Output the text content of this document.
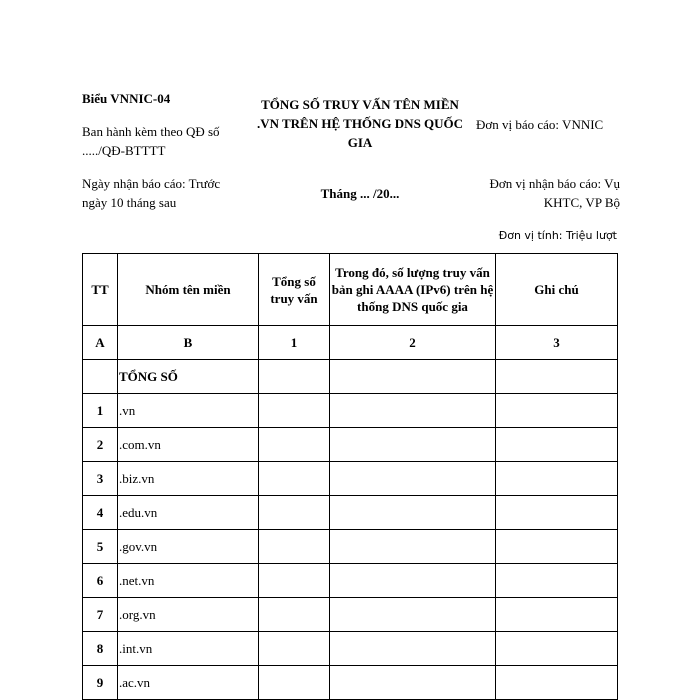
Biểu VNNIC-04
Ban hành kèm theo QĐ số ...../QĐ-BTTTT
Ngày nhận báo cáo: Trước ngày 10 tháng sau
TỔNG SỐ TRUY VẤN TÊN MIỀN .VN TRÊN HỆ THỐNG DNS QUỐC GIA
Tháng ... /20...
Đơn vị báo cáo: VNNIC
Đơn vị nhận báo cáo: Vụ KHTC, VP Bộ
Đơn vị tính: Triệu lượt
TT	Nhóm tên miền	Tổng số truy vấn	Trong đó, số lượng truy vấn bản ghi AAAA (IPv6) trên hệ thống DNS quốc gia	Ghi chú
A	B	1	2	3
	TỔNG SỐ			
1	.vn			
2	.com.vn			
3	.biz.vn			
4	.edu.vn			
5	.gov.vn			
6	.net.vn			
7	.org.vn			
8	.int.vn			
9	.ac.vn			
